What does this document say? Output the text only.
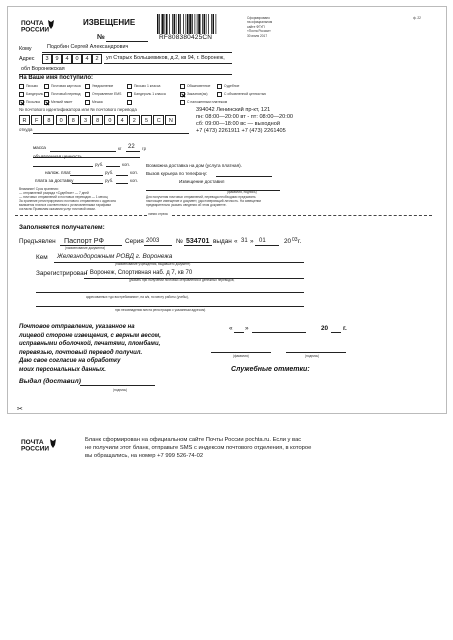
ПОЧТА
РОССИИ
ИЗВЕЩЕНИЕ
№	RF808380425CN
Сформировано
на официальном
сайте ФГУП
«Почта России»
30 июля 2017
ф. 22
Кому	Подобин Сергей Александрович
Адрес	3	9	4	0	4	2	ул Старых Большевиков, д.2, кв 94, г. Воронеж,
обл Воронежская
На Ваше имя поступило:
Письмо	Почтовая карточка	Уведомление	Письмо 1 класса	Обыкновенное	Судебное
Бандероль Почтовый перевод	Отправление EMS	Бандероль 1 класса	Заказное(ая)	С объявленной ценностью
Посылка	Мелкий пакет	Мешок	С наложенным платежом
№ почтового идентификатора или № почтового перевода
R	F	8	0	8	3	8	0	4	2	5	C	N
откуда
394042 Ленинский пр-кт, 121
пн: 08:00—20:00 вт - пт: 08:00—20:00
сб: 09:00—18:00 вс — выходной
+7 (473) 2261911 +7 (473) 2261405
масса	кг 22 гр
объявленная ценность
руб.	коп.
налож. плат.	руб.	коп.
плата за доставку	руб.	коп.
Внимание! Срок хранения:
— отправлений разряда «Судебное» — 7 дней
— почтовых отправлений и почтовых переводов — 1 месяц
За хранение регистрируемого почтового отправления с адресата
взимается плата в соответствии с установленными тарифами
согласно Правилам оказания услуг почтовой связи.
Возможна доставка на дом (услуга платная).
Вызов курьера по телефону:
Извещение доставил
(фамилия, подпись)
Для получения почтовых отправлений, перевода необходимо предъявить
настоящее извещение и документ, удостоверяющий личность. На извещении
предварительно указать сведения об этом документе.
линия отреза
Заполняется получателем:
Предъявлен Паспорт РФ
(наименование документа)
Серия 2003	№ 534701 выдан « 31 » 01	20 03 г.
Кем Железнодорожным РОВД г. Воронежа
(наименование учреждения, выдавшего документ)
Зарегистрирован
г Воронеж, Спортивная наб. д 7, кв 70
(указать при получении почтовых отправлений и денежных переводов,
адресованных «до востребования», на а/я, по месту работы (учебы),
при несовпадении места регистрации с указанным адресом)
Почтовое отправление, указанное на
лицевой стороне извещения, с верным весом,
исправными оболочкой, печатями, пломбами,
перевязью, почтовый перевод получил.
Даю свое согласие на обработку
моих персональных данных.
Выдал (доставил)
(подпись)
« »	20 г.
(фамилия)	(подпись)
Служебные отметки:
✂
ПОЧТА
РОССИИ
Бланк сформирован на официальном сайте Почты России pochta.ru. Если у вас
не получили этот бланк, отправьте SMS с индексом почтового отделения, в которое
вы обращались, на номер +7 999 526-74-02
